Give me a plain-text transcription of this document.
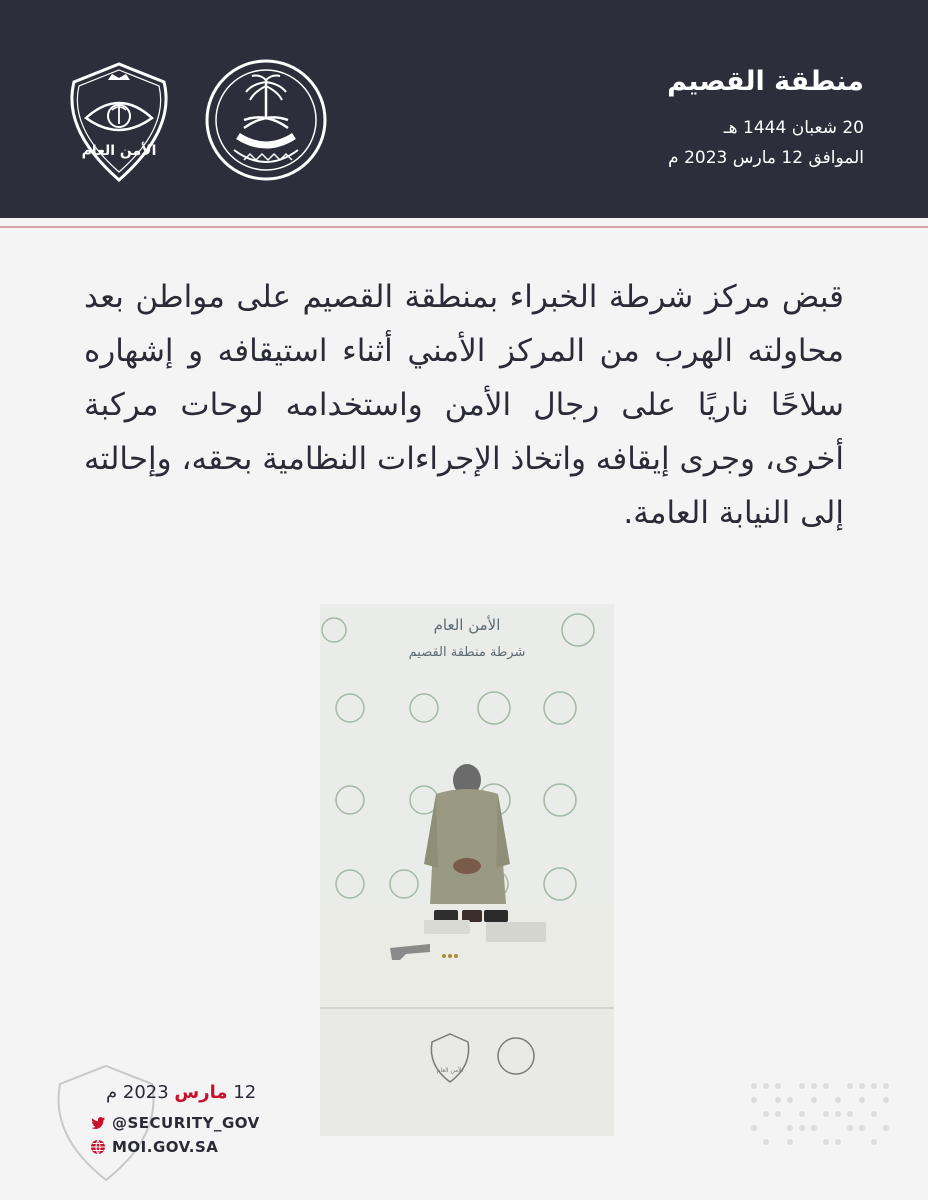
منطقة القصيم
20 شعبان 1444 هـ
الموافق 12 مارس 2023 م
الأمن العام
قبض مركز شرطة الخبراء بمنطقة القصيم على مواطن بعد محاولته الهرب من المركز الأمني أثناء استيقافه و إشهاره سلاحًا ناريًا على رجال الأمن واستخدامه لوحات مركبة أخرى، وجرى إيقافه واتخاذ الإجراءات النظامية بحقه، وإحالته إلى النيابة العامة.
الأمن العام
شرطة منطقة القصيم
الأمن العام
12 مارس 2023 م
@SECURITY_GOV
MOI.GOV.SA
